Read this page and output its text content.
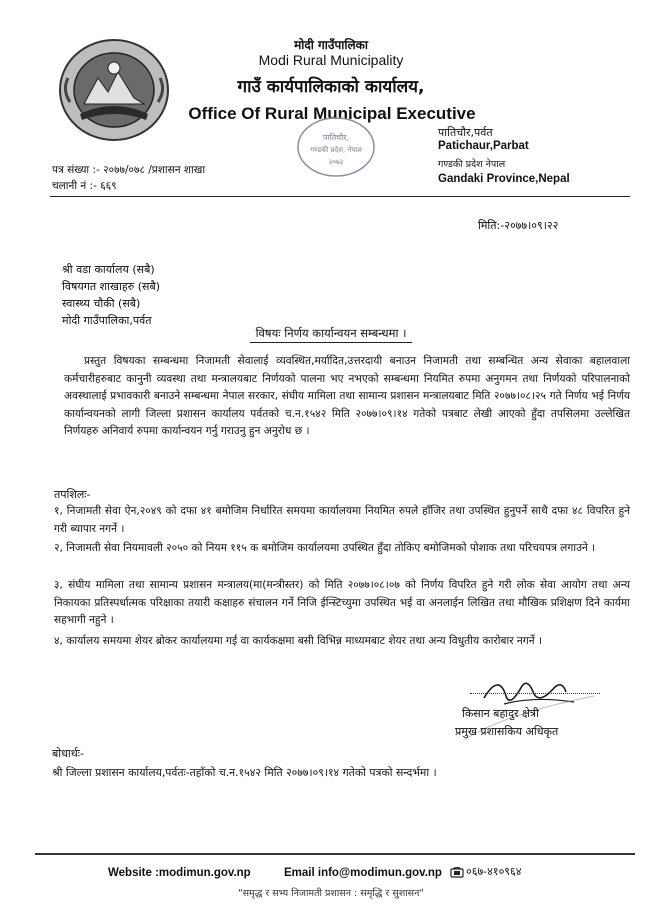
मोदी गाउँपालिका
Modi Rural Municipality
गाउँ कार्यपालिकाको कार्यालय,
Office Of Rural Municipal Executive
पातिचौर,
गण्डकी प्रदेश, नेपाल
२०७३
पातिचौर,पर्वत
Patichaur,Parbat
गण्डकी प्रदेश नेपाल
Gandaki Province,Nepal
पत्र संख्या :- २०७७/०७८ /प्रशासन शाखा
चलानी नं :- ६६९
मिति:-२०७७।०९।२२
श्री वडा कार्यालय (सबै)
विषयगत शाखाहरु (सबै)
स्वास्थ्य चौकी (सबै)
मोदी गाउँपालिका,पर्वत
विषयः निर्णय कार्यान्वयन सम्बन्धमा ।
प्रस्तुत विषयका सम्बन्धमा निजामती सेवालाई व्यवस्थित,मर्यादित,उत्तरदायी बनाउन निजामती तथा सम्बन्धित अन्य सेवाका बहालवाला कर्मचारीहरुबाट कानुनी व्यवस्था तथा मन्त्रालयबाट निर्णयको पालना भए नभएको सम्बन्धमा नियमित रुपमा अनुगमन तथा निर्णयको परिपालनाको अवस्थालाई प्रभावकारी बनाउने सम्बन्धमा नेपाल सरकार, संघीय मामिला तथा सामान्य प्रशासन मन्त्रालयबाट मिति २०७७।०८।२५ गते निर्णय भई निर्णय कार्यान्वयनको लागी जिल्ला प्रशासन कार्यालय पर्वतको च.न.१५४२ मिति २०७७।०९।१४ गतेको पत्रबाट लेखी आएको हुँदा तपसिलमा उल्लेखित निर्णयहरु अनिवार्य रुपमा कार्यान्वयन गर्नु गराउनु हुन अनुरोध छ ।
तपशिलः-
१, निजामती सेवा ऐन,२०४९ को दफा ४१ बमोजिम निर्धारित समयमा कार्यालयमा नियमित रुपले हाँजिर तथा उपस्थित हुनुपर्ने साथै दफा ४८ विपरित हुने गरी ब्यापार नगर्ने ।
२, निजामती सेवा नियमावली २०५० को नियम ११५ क बमोजिम कार्यालयमा उपस्थित हुँदा तोकिए बमोजिमको पोशाक तथा परिचयपत्र लगाउने ।
३, संघीय मामिला तथा सामान्य प्रशासन मन्त्रालय(मा(मन्त्रीस्तर) को मिति २०७७।०८।०७ को निर्णय विपरित हुने गरी लोक सेवा आयोग तथा अन्य निकायका प्रतिस्पर्धात्मक परिक्षाका तयारी कक्षाहरु संचालन गर्ने निजि ईन्स्टिच्युमा उपस्थित भई वा अनलाईन लिखित तथा मौखिक प्रशिक्षण दिने कार्यमा सहभागी नहुने ।
४, कार्यालय समयमा शेयर ब्रोकर कार्यालयमा गई वा कार्यकक्षमा बसी विभिन्न माध्यमबाट शेयर तथा अन्य विधुतीय कारोबार नगर्ने ।
किसान बहादुर क्षेत्री
प्रमुख प्रशासकिय अधिकृत
बोधार्थः-
श्री जिल्ला प्रशासन कार्यालय,पर्वतः-तहाँको च.न.१५४२ मिति २०७७।०९।१४ गतेको पत्रको सन्दर्भमा ।
Website :modimun.gov.np	Email info@modimun.gov.np ०६७-४१०९६४
"समृद्ध र सभ्य निजामती प्रशासन : समृद्धि र सुशासन"
